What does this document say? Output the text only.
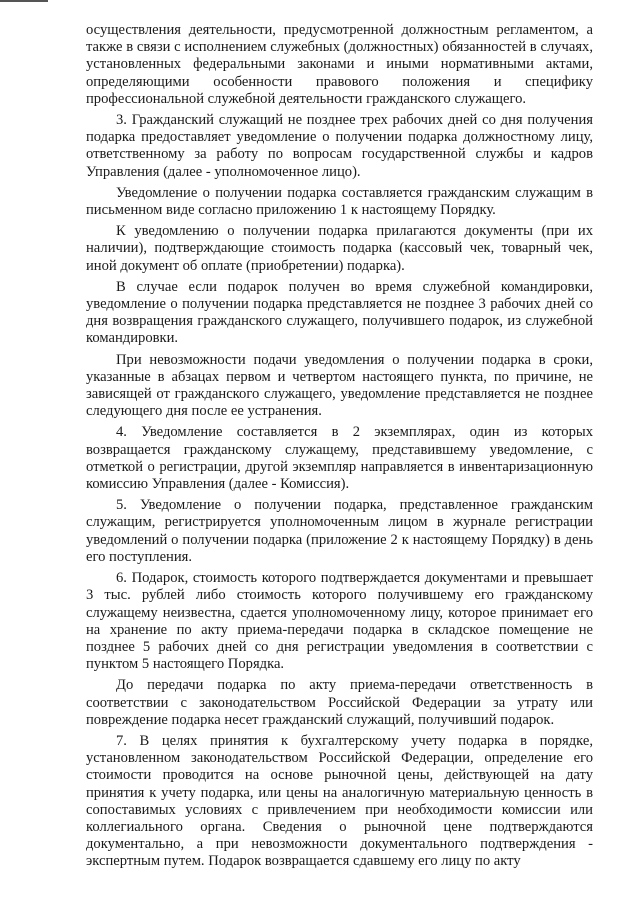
осуществления деятельности, предусмотренной должностным регламентом, а также в связи с исполнением служебных (должностных) обязанностей в случаях, установленных федеральными законами и иными нормативными актами, определяющими особенности правового положения и специфику профессиональной служебной деятельности гражданского служащего.

3. Гражданский служащий не позднее трех рабочих дней со дня получения подарка предоставляет уведомление о получении подарка должностному лицу, ответственному за работу по вопросам государственной службы и кадров Управления (далее - уполномоченное лицо).

Уведомление о получении подарка составляется гражданским служащим в письменном виде согласно приложению 1 к настоящему Порядку.

К уведомлению о получении подарка прилагаются документы (при их наличии), подтверждающие стоимость подарка (кассовый чек, товарный чек, иной документ об оплате (приобретении) подарка).

В случае если подарок получен во время служебной командировки, уведомление о получении подарка представляется не позднее 3 рабочих дней со дня возвращения гражданского служащего, получившего подарок, из служебной командировки.

При невозможности подачи уведомления о получении подарка в сроки, указанные в абзацах первом и четвертом настоящего пункта, по причине, не зависящей от гражданского служащего, уведомление представляется не позднее следующего дня после ее устранения.

4. Уведомление составляется в 2 экземплярах, один из которых возвращается гражданскому служащему, представившему уведомление, с отметкой о регистрации, другой экземпляр направляется в инвентаризационную комиссию Управления (далее - Комиссия).

5. Уведомление о получении подарка, представленное гражданским служащим, регистрируется уполномоченным лицом в журнале регистрации уведомлений о получении подарка (приложение 2 к настоящему Порядку) в день его поступления.

6. Подарок, стоимость которого подтверждается документами и превышает 3 тыс. рублей либо стоимость которого получившему его гражданскому служащему неизвестна, сдается уполномоченному лицу, которое принимает его на хранение по акту приема-передачи подарка в складское помещение не позднее 5 рабочих дней со дня регистрации уведомления в соответствии с пунктом 5 настоящего Порядка.

До передачи подарка по акту приема-передачи ответственность в соответствии с законодательством Российской Федерации за утрату или повреждение подарка несет гражданский служащий, получивший подарок.

7. В целях принятия к бухгалтерскому учету подарка в порядке, установленном законодательством Российской Федерации, определение его стоимости проводится на основе рыночной цены, действующей на дату принятия к учету подарка, или цены на аналогичную материальную ценность в сопоставимых условиях с привлечением при необходимости комиссии или коллегиального органа. Сведения о рыночной цене подтверждаются документально, а при невозможности документального подтверждения - экспертным путем. Подарок возвращается сдавшему его лицу по акту
